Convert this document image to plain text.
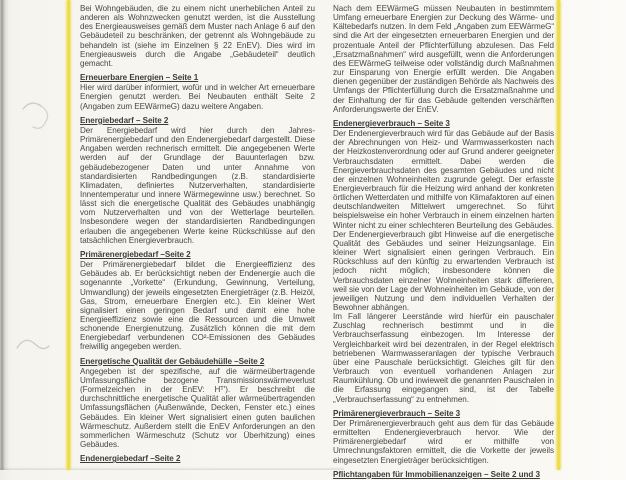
Bei Wohngebäuden, die zu einem nicht unerheblichen Anteil zu anderen als Wohnzwecken genutzt werden, ist die Ausstellung des Energieausweises gemäß dem Muster nach Anlage 6 auf den Gebäudeteil zu beschränken, der getrennt als Wohngebäude zu behandeln ist (siehe im Einzelnen § 22 EnEV). Dies wird im Energieausweis durch die Angabe „Gebäudeteil“ deutlich gemacht.

Erneuerbare Energien – Seite 1

Hier wird darüber informiert, wofür und in welcher Art erneuerbare Energien genutzt werden. Bei Neubauten enthält Seite 2 (Angaben zum EEWärmeG) dazu weitere Angaben.

Energiebedarf – Seite 2

Der Energiebedarf wird hier durch den Jahres-Primärenergiebedarf und den Endenergiebedarf dargestellt. Diese Angaben werden rechnerisch ermittelt. Die angegebenen Werte werden auf der Grundlage der Bauunterlagen bzw. gebäudebezogener Daten und unter Annahme von standardisierten Randbedingungen (z.B. standardisierte Klimadaten, definiertes Nutzerverhalten, standardisierte Innentemperatur und innere Wärmegewinne usw.) berechnet. So lässt sich die energetische Qualität des Gebäudes unabhängig vom Nutzerverhalten und von der Wetterlage beurteilen. Insbesondere wegen der standardisierten Randbedingungen erlauben die angegebenen Werte keine Rückschlüsse auf den tatsächlichen Energieverbrauch.

Primärenergiebedarf –Seite 2

Der Primärenergiebedarf bildet die Energieeffizienz des Gebäudes ab. Er berücksichtigt neben der Endenergie auch die sogenannte „Vorkette“ (Erkundung, Gewinnung, Verteilung, Umwandlung) der jeweils eingesetzten Energieträger (z.B. Heizöl, Gas, Strom, erneuerbare Energien etc.). Ein kleiner Wert signalisiert einen geringen Bedarf und damit eine hohe Energieeffizienz sowie eine die Ressourcen und die Umwelt schonende Energienutzung. Zusätzlich können die mit dem Energiebedarf verbundenen CO²-Emissionen des Gebäudes freiwillig angegeben werden.

Energetische Qualität der Gebäudehülle –Seite 2

Angegeben ist der spezifische, auf die wärmeübertragende Umfassungsfläche bezogene Transmissionswärmeverlust (Formelzeichen in der EnEV: Hᵀ'). Er beschreibt die durchschnittliche energetische Qualität aller wärmeübertragenden Umfassungsflächen (Außenwände, Decken, Fenster etc.) eines Gebäudes. Ein kleiner Wert signalisiert einen guten baulichen Wärmeschutz. Außerdem stellt die EnEV Anforderungen an den sommerlichen Wärmeschutz (Schutz vor Überhitzung) eines Gebäudes.

Endenergiebedarf –Seite 2

Nach dem EEWärmeG müssen Neubauten in bestimmtem Umfang erneuerbare Energien zur Deckung des Wärme- und Kältebedarfs nutzen. In dem Feld „Angaben zum EEWärmeG“ sind die Art der eingesetzten erneuerbaren Energien und der prozentuale Anteil der Pflichterfüllung abzulesen. Das Feld „Ersatzmaßnahmen“ wird ausgefüllt, wenn die Anforderungen des EEWärmeG teilweise oder vollständig durch Maßnahmen zur Einsparung von Energie erfüllt werden. Die Angaben dienen gegenüber der zuständigen Behörde als Nachweis des Umfangs der Pflichterfüllung durch die Ersatzmaßnahme und der Einhaltung der für das Gebäude geltenden verschärften Anforderungswerte der EnEV.

Endenergieverbrauch – Seite 3

Der Endenergieverbrauch wird für das Gebäude auf der Basis der Abrechnungen von Heiz- und Warmwasserkosten nach der Heizkostenverordnung oder auf Grund anderer geeigneter Verbrauchsdaten ermittelt. Dabei werden die Energieverbrauchsdaten des gesamten Gebäudes und nicht der einzelnen Wohneinheiten zugrunde gelegt. Der erfasste Energieverbrauch für die Heizung wird anhand der konkreten örtlichen Wetterdaten und mithilfe von Klimafaktoren auf einen deutschlandweiten Mittelwert umgerechnet. So führt beispielsweise ein hoher Verbrauch in einem einzelnen harten Winter nicht zu einer schlechteren Beurteilung des Gebäudes. Der Endenergieverbrauch gibt Hinweise auf die energetische Qualität des Gebäudes und seiner Heizungsanlage. Ein kleiner Wert signalisiert einen geringen Verbrauch. Ein Rückschluss auf den künftig zu erwartenden Verbrauch ist jedoch nicht möglich; insbesondere können die Verbrauchsdaten einzelner Wohneinheiten stark differieren, weil sie von der Lage der Wohneinheiten im Gebäude, von der jeweiligen Nutzung und dem individuellen Verhalten der Bewohner abhängen.

Im Fall längerer Leerstände wird hierfür ein pauschaler Zuschlag rechnerisch bestimmt und in die Verbrauchserfassung einbezogen. Im Interesse der Vergleichbarkeit wird bei dezentralen, in der Regel elektrisch betriebenen Warmwasseranlagen der typische Verbrauch über eine Pauschale berücksichtigt. Gleiches gilt für den Verbrauch von eventuell vorhandenen Anlagen zur Raumkühlung. Ob und inwieweit die genannten Pauschalen in die Erfassung eingegangen sind, ist der Tabelle „Verbrauchserfassung“ zu entnehmen.

Primärenergieverbrauch – Seite 3

Der Primärenergieverbrauch geht aus dem für das Gebäude ermittelten Endenergieverbrauch hervor. Wie der Primärenergiebedarf wird er mithilfe von Umrechnungsfaktoren ermittelt, die die Vorkette der jeweils eingesetzten Energieträger berücksichtigen.

Pflichtangaben für Immobilienanzeigen – Seite 2 und 3
